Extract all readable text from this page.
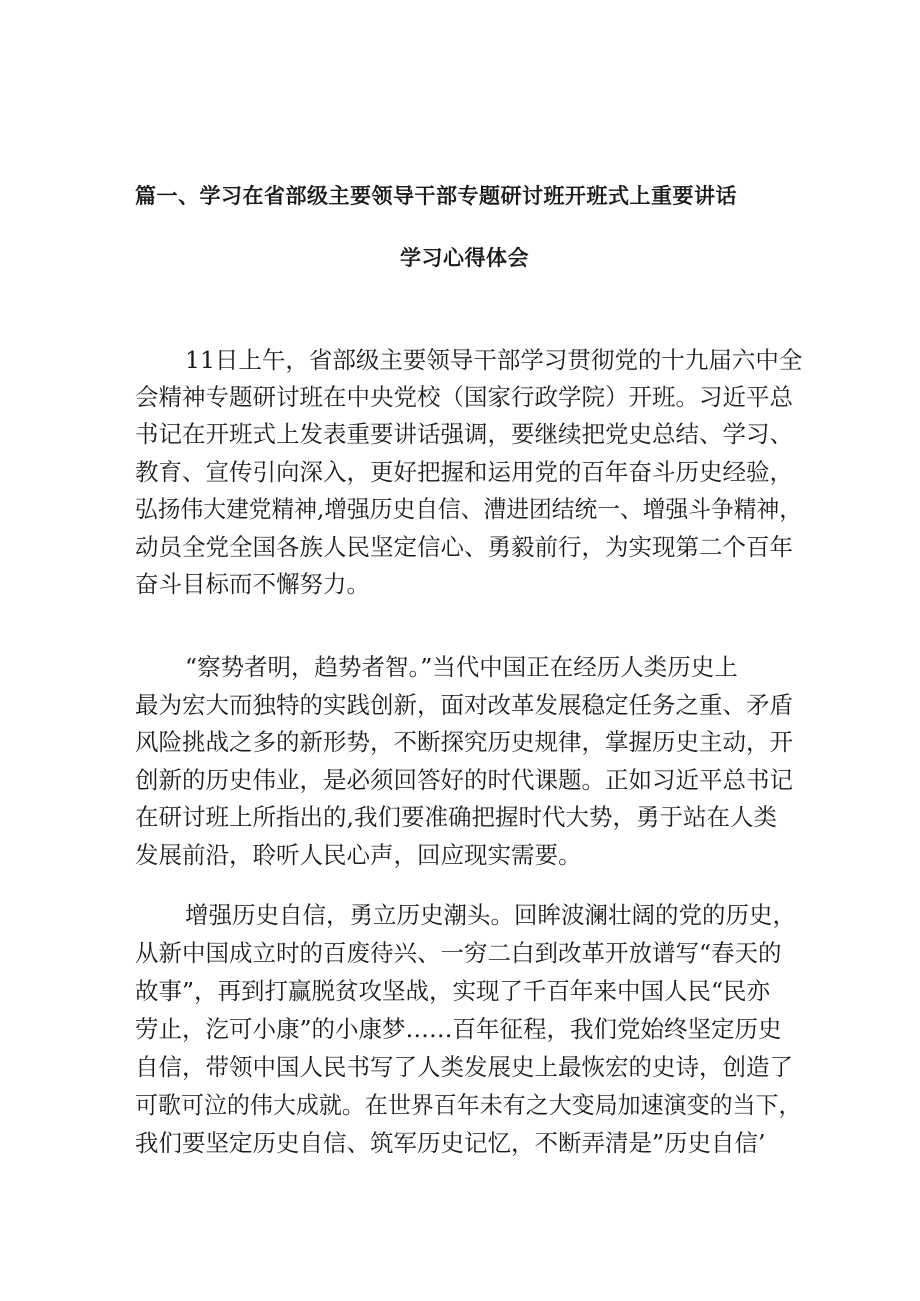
篇一、学习在省部级主要领导干部专题研讨班开班式上重要讲话
学习心得体会
11日上午，省部级主要领导干部学习贯彻党的十九届六中全
会精神专题研讨班在中央党校（国家行政学院）开班。习近平总
书记在开班式上发表重要讲话强调，要继续把党史总结、学习、
教育、宣传引向深入，更好把握和运用党的百年奋斗历史经验，
弘扬伟大建党精神,增强历史自信、漕进团结统一、增强斗争精神，
动员全党全国各族人民坚定信心、勇毅前行，为实现第二个百年
奋斗目标而不懈努力。
“察势者明，趋势者智。”当代中国正在经历人类历史上
最为宏大而独特的实践创新，面对改革发展稳定任务之重、矛盾
风险挑战之多的新形势，不断探究历史规律，掌握历史主动，开
创新的历史伟业，是必须回答好的时代课题。正如习近平总书记
在研讨班上所指出的,我们要准确把握时代大势，勇于站在人类
发展前沿，聆听人民心声，回应现实需要。
增强历史自信，勇立历史潮头。回眸波澜壮阔的党的历史，
从新中国成立时的百废待兴、一穷二白到改革开放谱写“春天的
故事”，再到打赢脱贫攻坚战，实现了千百年来中国人民“民亦
劳止，汔可小康”的小康梦……百年征程，我们党始终坚定历史
自信，带领中国人民书写了人类发展史上最恢宏的史诗，创造了
可歌可泣的伟大成就。在世界百年未有之大变局加速演变的当下，
我们要坚定历史自信、筑军历史记忆，不断弄清是”历史自信’
